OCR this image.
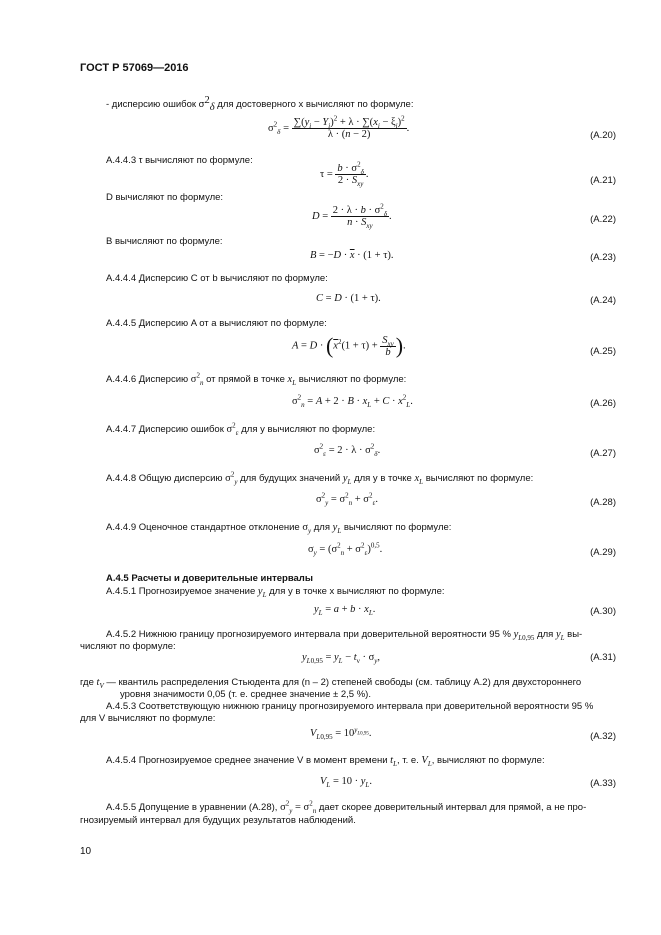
ГОСТ Р 57069—2016
- дисперсию ошибок $\sigma^2_\delta$ для достоверного x вычисляют по формуле:
$\sigma^2_\delta = \frac{\sum(y_i - Y_i)^2 + \lambda \cdot \sum(x_i - \xi_i)^2}{\lambda \cdot (n - 2)}$ .
(А.20)
А.4.4.3 τ вычисляют по формуле:
$\tau = \frac{b \cdot \sigma^2_\delta}{2 \cdot S_{xy}}$ .
(А.21)
D вычисляют по формуле:
$D = \frac{2 \cdot \lambda \cdot b \cdot \sigma^2_\delta}{n \cdot S_{xy}}$ .	(А.22)
B вычисляют по формуле:
$B = -D \cdot \overline{x} \cdot (1 + \tau)$.	(А.23)
А.4.4.4 Дисперсию C от b вычисляют по формуле:
C = D · (1 + τ).	(А.24)
А.4.4.5 Дисперсию A от a вычисляют по формуле:
$A = D \cdot (\overline{x}^2(1 + \tau) + \frac{S_{xy}}{b}$ ).
(А.25)
А.4.4.6 Дисперсию $\sigma^2_n$ от прямой в точке $x_L$ вычисляют по формуле:
$\sigma^2_n = A + 2 \cdot B \cdot x_L + C \cdot x^2_L$.	(А.26)
А.4.4.7 Дисперсию ошибок $\sigma^2_\varepsilon$ для y вычисляют по формуле:
$\sigma^2_\varepsilon = 2 \cdot \lambda \cdot \sigma^2_\delta$.	(А.27)
А.4.4.8 Общую дисперсию $\sigma^2_y$ для будущих значений $y_L$ для y в точке $x_L$ вычисляют по формуле:
$\sigma^2_y = \sigma^2_n + \sigma^2_\varepsilon$.	(А.28)
А.4.4.9 Оценочное стандартное отклонение $\sigma_y$ для $y_L$ вычисляют по формуле:
$\sigma_y = (\sigma^2_n + \sigma^2_\varepsilon)^{0,5}$.	(А.29)
А.4.5 Расчеты и доверительные интервалы
А.4.5.1 Прогнозируемое значение $y_L$ для y в точке x вычисляют по формуле:
$y_L = a + b \cdot x_L$.	(А.30)
А.4.5.2 Нижнюю границу прогнозируемого интервала при доверительной вероятности 95 % $y_{L0,95}$ для $y_L$ вы-
числяют по формуле:
$y_{L0,95} = y_L - t_\nu \cdot \sigma_y$,	(А.31)
где $t_V$ — квантиль распределения Стьюдента для (n – 2) степеней свободы (см. таблицу А.2) для двухстороннего
уровня значимости 0,05 (т. е. среднее значение ± 2,5 %).
А.4.5.3 Соответствующую нижнюю границу прогнозируемого интервала при доверительной вероятности 95 %
для V вычисляют по формуле:
$V_{L0,95} = 10^{y_{L0,95}}$.	(А.32)
А.4.5.4 Прогнозируемое среднее значение V в момент времени $t_L$, т. е. $V_L$, вычисляют по формуле:
$V_L = 10 \cdot y_L$.	(А.33)
А.4.5.5 Допущение в уравнении (А.28), $\sigma^2_y = \sigma^2_n$ дает скорее доверительный интервал для прямой, а не про-
гнозируемый интервал для будущих результатов наблюдений.
10
